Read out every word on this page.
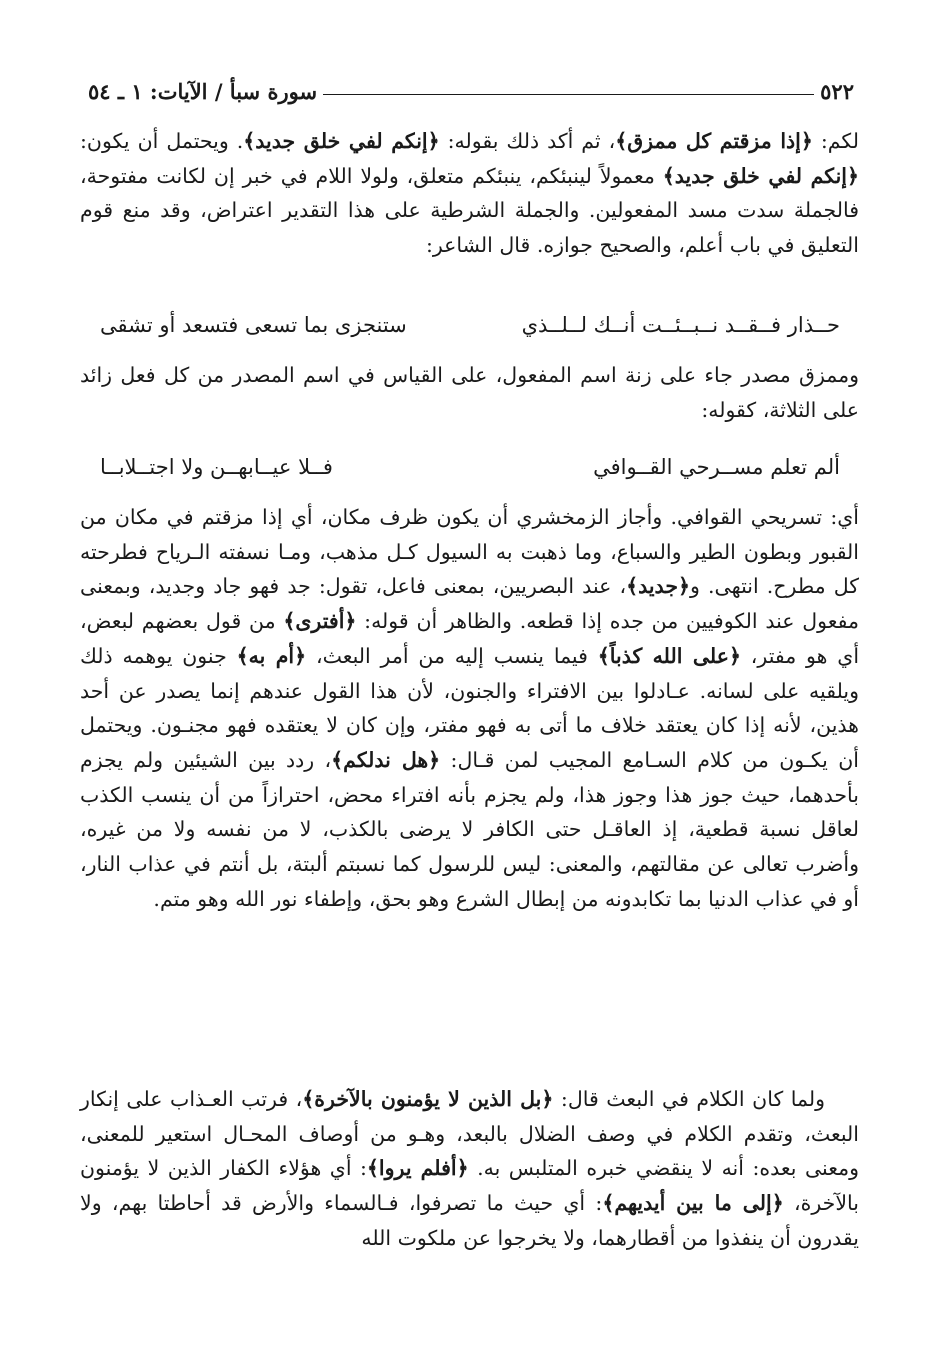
٥٢٢
سورة سبأ / الآيات: ١ ـ ٥٤

لكم: ﴿إذا مزقتم كل ممزق﴾، ثم أكد ذلك بقوله: ﴿إنكم لفي خلق جديد﴾. ويحتمل أن يكون: ﴿إنكم لفي خلق جديد﴾ معمولاً لينبئكم، ينبئكم متعلق، ولولا اللام في خبر إن لكانت مفتوحة، فالجملة سدت مسد المفعولين. والجملة الشرطية على هذا التقدير اعتراض، وقد منع قوم التعليق في باب أعلم، والصحيح جوازه. قال الشاعر:

حــذار فــقــد نــبــئــت أنــك لــلــذي
ستنجزى بما تسعى فتسعد أو تشقى

وممزق مصدر جاء على زنة اسم المفعول، على القياس في اسم المصدر من كل فعل زائد على الثلاثة، كقوله:

ألم تعلم مســرحي القــوافي
فــلا عيــابهــن ولا اجتــلابــا

أي: تسريحي القوافي. وأجاز الزمخشري أن يكون ظرف مكان، أي إذا مزقتم في مكان من القبور وبطون الطير والسباع، وما ذهبت به السيول كـل مذهب، ومـا نسفته الـرياح فطرحته كل مطرح. انتهى. و﴿جديد﴾، عند البصريين، بمعنى فاعل، تقول: جد فهو جاد وجديد، وبمعنى مفعول عند الكوفيين من جده إذا قطعه. والظاهر أن قوله: ﴿أفترى﴾ من قول بعضهم لبعض، أي هو مفتر، ﴿على الله كذباً﴾ فيما ينسب إليه من أمر البعث، ﴿أم به﴾ جنون يوهمه ذلك ويلقيه على لسانه. عـادلوا بين الافتراء والجنون، لأن هذا القول عندهم إنما يصدر عن أحد هذين، لأنه إذا كان يعتقد خلاف ما أتى به فهو مفتر، وإن كان لا يعتقده فهو مجنـون. ويحتمل أن يكـون من كلام السـامع المجيب لمن قـال: ﴿هل ندلكم﴾، ردد بين الشيئين ولم يجزم بأحدهما، حيث جوز هذا وجوز هذا، ولم يجزم بأنه افتراء محض، احترازاً من أن ينسب الكذب لعاقل نسبة قطعية، إذ العاقـل حتى الكافر لا يرضى بالكذب، لا من نفسه ولا من غيره، وأضرب تعالى عن مقالتهم، والمعنى: ليس للرسول كما نسبتم ألبتة، بل أنتم في عذاب النار، أو في عذاب الدنيا بما تكابدونه من إبطال الشرع وهو بحق، وإطفاء نور الله وهو متم.

ولما كان الكلام في البعث قال: ﴿بل الذين لا يؤمنون بالآخرة﴾، فرتب العـذاب على إنكار البعث، وتقدم الكلام في وصف الضلال بالبعد، وهـو من أوصاف المحـال استعير للمعنى، ومعنى بعده: أنه لا ينقضي خبره المتلبس به. ﴿أفلم يروا﴾: أي هؤلاء الكفار الذين لا يؤمنون بالآخرة، ﴿إلى ما بين أيديهم﴾: أي حيث ما تصرفوا، فـالسماء والأرض قد أحاطتا بهم، ولا يقدرون أن ينفذوا من أقطارهما، ولا يخرجوا عن ملكوت الله
